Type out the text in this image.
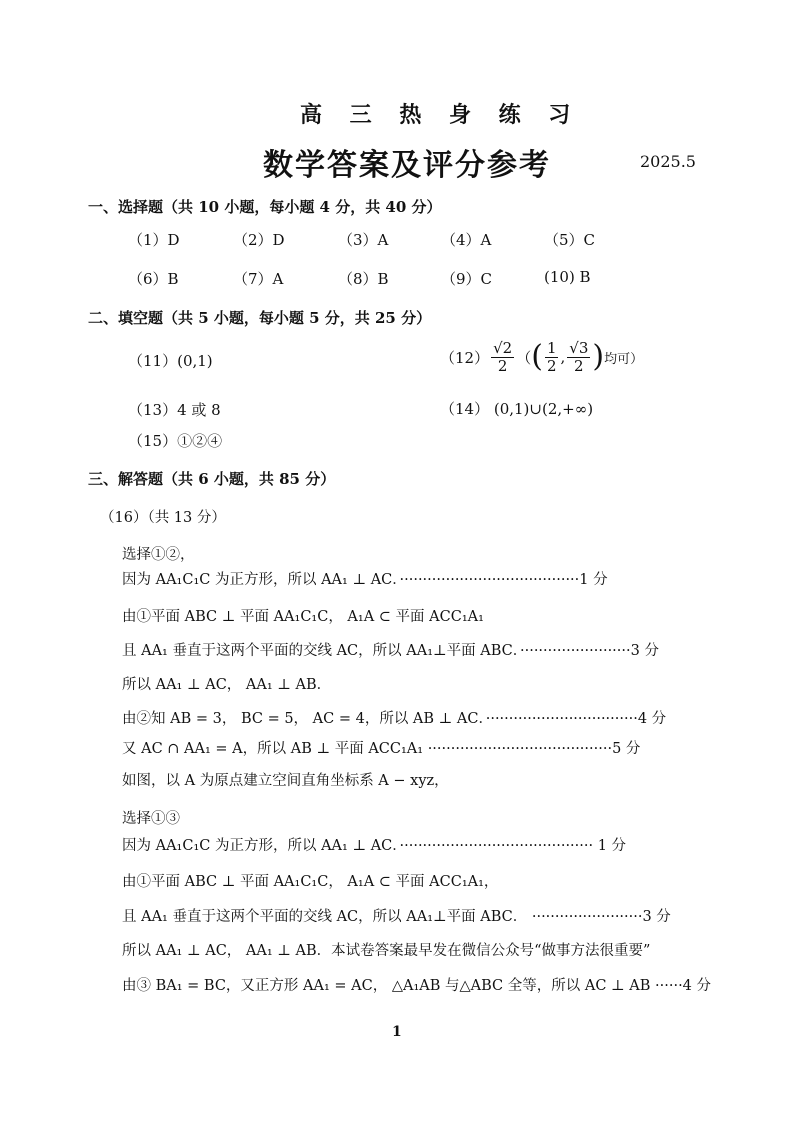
高 三 热 身 练 习
数学答案及评分参考	2025.5
一、选择题（共 10 小题，每小题 4 分，共 40 分）
（1）D	（2）D	（3）A	（4）A	（5）C
（6）B	（7）A	（8）B	（9）C	(10) B
二、填空题（共 5 小题，每小题 5 分，共 25 分）
（11）(0,1)	$(12) \frac{√2}{2}$ （ ( $\frac{1}{2}$ , $\frac{√3}{2}$ ) 均可）
（13）4 或 8	（14） (0,1)∪(2,+∞)
（15）①②④
三、解答题（共 6 小题，共 85 分）
（16）（共 13 分）
选择①②，
因为 AA₁C₁C 为正方形，所以 AA₁ ⊥ AC．·······································1 分
由①平面 ABC ⊥ 平面 AA₁C₁C， A₁A ⊂ 平面 ACC₁A₁
且 AA₁ 垂直于这两个平面的交线 AC，所以 AA₁⊥平面 ABC．························3 分
所以 AA₁ ⊥ AC， AA₁ ⊥ AB．
由②知 AB = 3， BC = 5， AC = 4，所以 AB ⊥ AC．·································4 分
又 AC ∩ AA₁ = A，所以 AB ⊥ 平面 ACC₁A₁ ········································5 分
如图，以 A 为原点建立空间直角坐标系 A − xyz，
选择①③
因为 AA₁C₁C 为正方形，所以 AA₁ ⊥ AC．·········································· 1 分
由①平面 ABC ⊥ 平面 AA₁C₁C， A₁A ⊂ 平面 ACC₁A₁，
且 AA₁ 垂直于这两个平面的交线 AC，所以 AA₁⊥平面 ABC． ························3 分
所以 AA₁ ⊥ AC， AA₁ ⊥ AB．本试卷答案最早发在微信公众号“做事方法很重要”
由③ BA₁ = BC，又正方形 AA₁ = AC， △A₁AB 与△ABC 全等，所以 AC ⊥ AB ······4 分
1
